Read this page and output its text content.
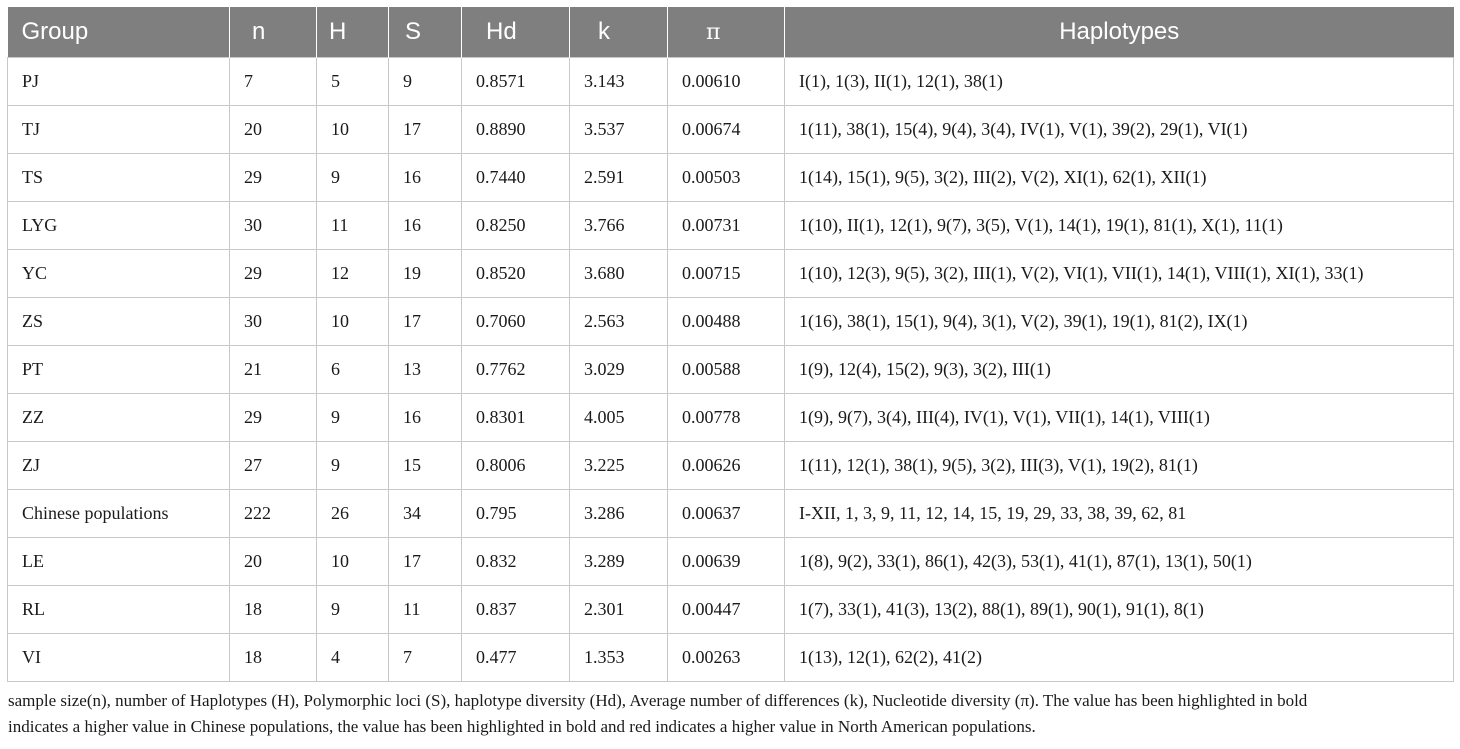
Group	n	H	S	Hd	k	π	Haplotypes
PJ	7	5	9	0.8571	3.143	0.00610	I(1), 1(3), II(1), 12(1), 38(1)
TJ	20	10	17	0.8890	3.537	0.00674	1(11), 38(1), 15(4), 9(4), 3(4), IV(1), V(1), 39(2), 29(1), VI(1)
TS	29	9	16	0.7440	2.591	0.00503	1(14), 15(1), 9(5), 3(2), III(2), V(2), XI(1), 62(1), XII(1)
LYG	30	11	16	0.8250	3.766	0.00731	1(10), II(1), 12(1), 9(7), 3(5), V(1), 14(1), 19(1), 81(1), X(1), 11(1)
YC	29	12	19	0.8520	3.680	0.00715	1(10), 12(3), 9(5), 3(2), III(1), V(2), VI(1), VII(1), 14(1), VIII(1), XI(1), 33(1)
ZS	30	10	17	0.7060	2.563	0.00488	1(16), 38(1), 15(1), 9(4), 3(1), V(2), 39(1), 19(1), 81(2), IX(1)
PT	21	6	13	0.7762	3.029	0.00588	1(9), 12(4), 15(2), 9(3), 3(2), III(1)
ZZ	29	9	16	0.8301	4.005	0.00778	1(9), 9(7), 3(4), III(4), IV(1), V(1), VII(1), 14(1), VIII(1)
ZJ	27	9	15	0.8006	3.225	0.00626	1(11), 12(1), 38(1), 9(5), 3(2), III(3), V(1), 19(2), 81(1)
Chinese populations	222	26	34	0.795	3.286	0.00637	I-XII, 1, 3, 9, 11, 12, 14, 15, 19, 29, 33, 38, 39, 62, 81
LE	20	10	17	0.832	3.289	0.00639	1(8), 9(2), 33(1), 86(1), 42(3), 53(1), 41(1), 87(1), 13(1), 50(1)
RL	18	9	11	0.837	2.301	0.00447	1(7), 33(1), 41(3), 13(2), 88(1), 89(1), 90(1), 91(1), 8(1)
VI	18	4	7	0.477	1.353	0.00263	1(13), 12(1), 62(2), 41(2)
sample size(n), number of Haplotypes (H), Polymorphic loci (S), haplotype diversity (Hd), Average number of differences (k), Nucleotide diversity (π). The value has been highlighted in bold
indicates a higher value in Chinese populations, the value has been highlighted in bold and red indicates a higher value in North American populations.
